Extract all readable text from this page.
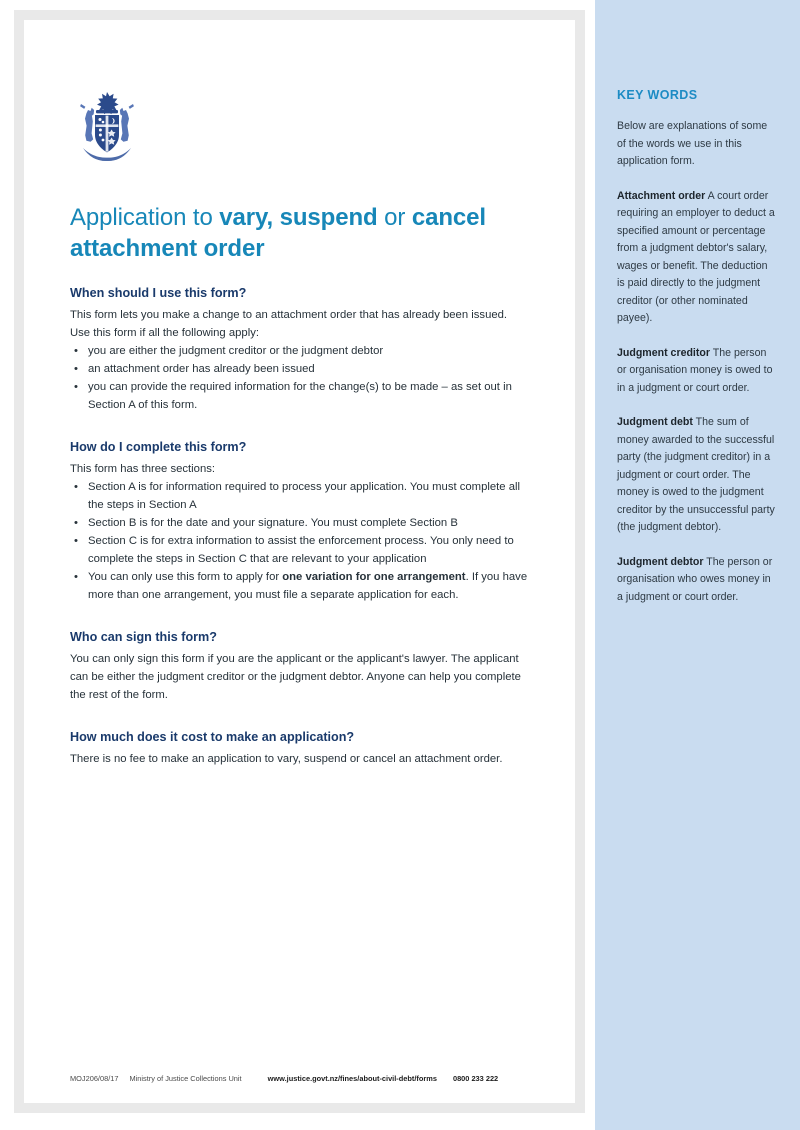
Application to vary, suspend or cancel attachment order
When should I use this form?

This form lets you make a change to an attachment order that has already been issued. Use this form if all the following apply:

• you are either the judgment creditor or the judgment debtor
• an attachment order has already been issued
• you can provide the required information for the change(s) to be made – as set out in Section A of this form.
How do I complete this form?

This form has three sections:

• Section A is for information required to process your application. You must complete all the steps in Section A
• Section B is for the date and your signature. You must complete Section B
• Section C is for extra information to assist the enforcement process. You only need to complete the steps in Section C that are relevant to your application
• You can only use this form to apply for one variation for one arrangement. If you have more than one arrangement, you must file a separate application for each.
Who can sign this form?

You can only sign this form if you are the applicant or the applicant's lawyer. The applicant can be either the judgment creditor or the judgment debtor. Anyone can help you complete the rest of the form.

How much does it cost to make an application?

There is no fee to make an application to vary, suspend or cancel an attachment order.

MOJ206/08/17 Ministry of Justice Collections Unit	www.justice.govt.nz/fines/about-civil-debt/forms 0800 233 222
KEY WORDS

Below are explanations of some of the words we use in this application form.

Attachment order A court order requiring an employer to deduct a specified amount or percentage from a judgment debtor's salary, wages or benefit. The deduction is paid directly to the judgment creditor (or other nominated payee).

Judgment creditor The person or organisation money is owed to in a judgment or court order.

Judgment debt The sum of money awarded to the successful party (the judgment creditor) in a judgment or court order. The money is owed to the judgment creditor by the unsuccessful party (the judgment debtor).

Judgment debtor The person or organisation who owes money in a judgment or court order.
